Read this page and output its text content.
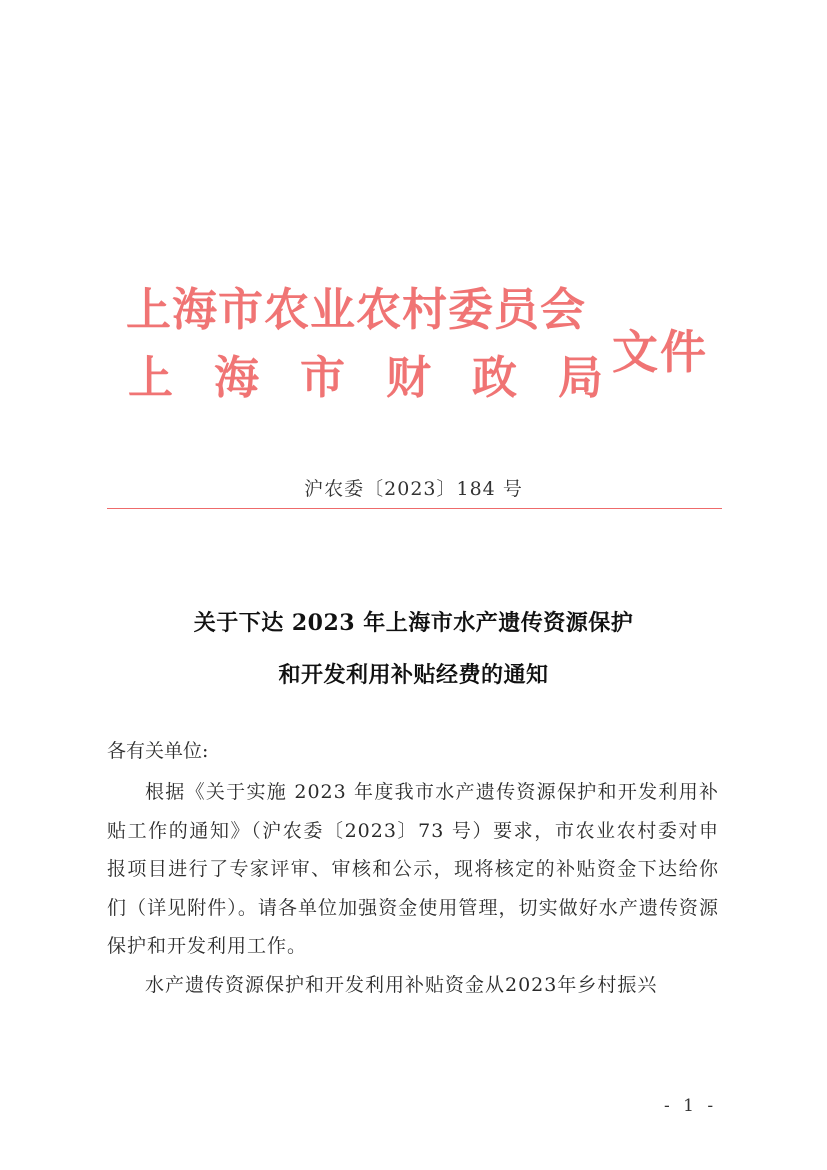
上海市农业农村委员会
上 海 市 财 政 局 文件
沪农委〔2023〕184 号
关于下达 2023 年上海市水产遗传资源保护
和开发利用补贴经费的通知
各有关单位:

根据《关于实施 2023 年度我市水产遗传资源保护和开发利用补贴工作的通知》（沪农委〔2023〕73 号）要求，市农业农村委对申报项目进行了专家评审、审核和公示，现将核定的补贴资金下达给你们（详见附件）。请各单位加强资金使用管理，切实做好水产遗传资源保护和开发利用工作。

水产遗传资源保护和开发利用补贴资金从2023年乡村振兴

- 1 -
